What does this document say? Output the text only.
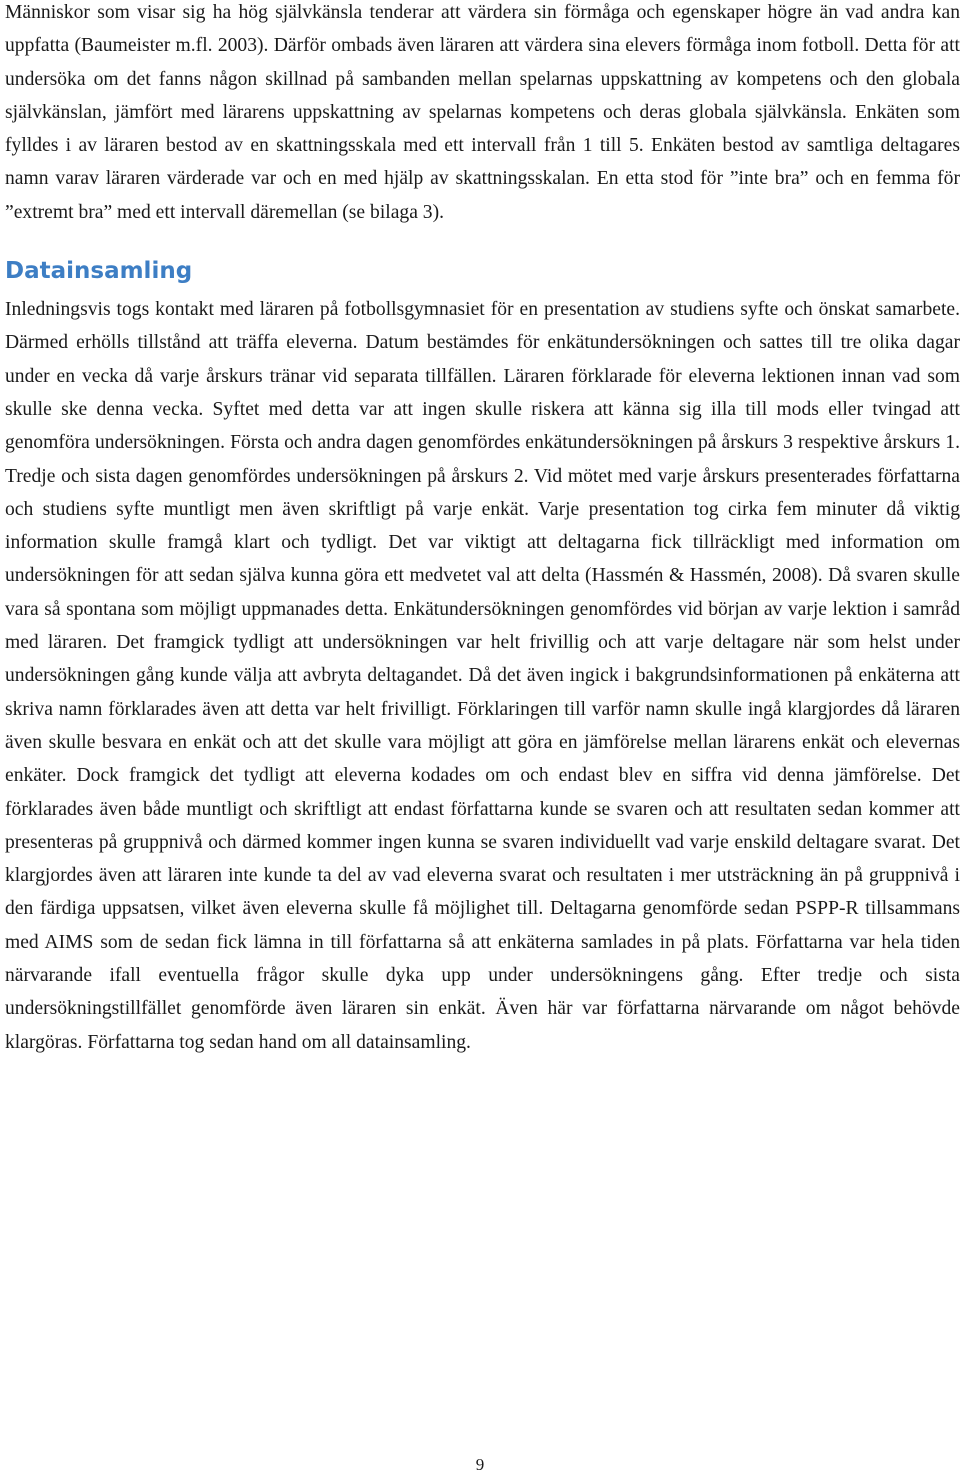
Människor som visar sig ha hög självkänsla tenderar att värdera sin förmåga och egenskaper högre än vad andra kan uppfatta (Baumeister m.fl. 2003). Därför ombads även läraren att värdera sina elevers förmåga inom fotboll. Detta för att undersöka om det fanns någon skillnad på sambanden mellan spelarnas uppskattning av kompetens och den globala självkänslan, jämfört med lärarens uppskattning av spelarnas kompetens och deras globala självkänsla. Enkäten som fylldes i av läraren bestod av en skattningsskala med ett intervall från 1 till 5. Enkäten bestod av samtliga deltagares namn varav läraren värderade var och en med hjälp av skattningsskalan. En etta stod för ”inte bra” och en femma för ”extremt bra” med ett intervall däremellan (se bilaga 3).

Datainsamling

Inledningsvis togs kontakt med läraren på fotbollsgymnasiet för en presentation av studiens syfte och önskat samarbete. Därmed erhölls tillstånd att träffa eleverna. Datum bestämdes för enkätundersökningen och sattes till tre olika dagar under en vecka då varje årskurs tränar vid separata tillfällen. Läraren förklarade för eleverna lektionen innan vad som skulle ske denna vecka. Syftet med detta var att ingen skulle riskera att känna sig illa till mods eller tvingad att genomföra undersökningen. Första och andra dagen genomfördes enkätundersökningen på årskurs 3 respektive årskurs 1. Tredje och sista dagen genomfördes undersökningen på årskurs 2. Vid mötet med varje årskurs presenterades författarna och studiens syfte muntligt men även skriftligt på varje enkät. Varje presentation tog cirka fem minuter då viktig information skulle framgå klart och tydligt. Det var viktigt att deltagarna fick tillräckligt med information om undersökningen för att sedan själva kunna göra ett medvetet val att delta (Hassmén & Hassmén, 2008). Då svaren skulle vara så spontana som möjligt uppmanades detta. Enkätundersökningen genomfördes vid början av varje lektion i samråd med läraren. Det framgick tydligt att undersökningen var helt frivillig och att varje deltagare när som helst under undersökningen gång kunde välja att avbryta deltagandet. Då det även ingick i bakgrundsinformationen på enkäterna att skriva namn förklarades även att detta var helt frivilligt. Förklaringen till varför namn skulle ingå klargjordes då läraren även skulle besvara en enkät och att det skulle vara möjligt att göra en jämförelse mellan lärarens enkät och elevernas enkäter. Dock framgick det tydligt att eleverna kodades om och endast blev en siffra vid denna jämförelse. Det förklarades även både muntligt och skriftligt att endast författarna kunde se svaren och att resultaten sedan kommer att presenteras på gruppnivå och därmed kommer ingen kunna se svaren individuellt vad varje enskild deltagare svarat. Det klargjordes även att läraren inte kunde ta del av vad eleverna svarat och resultaten i mer utsträckning än på gruppnivå i den färdiga uppsatsen, vilket även eleverna skulle få möjlighet till. Deltagarna genomförde sedan PSPP-R tillsammans med AIMS som de sedan fick lämna in till författarna så att enkäterna samlades in på plats. Författarna var hela tiden närvarande ifall eventuella frågor skulle dyka upp under undersökningens gång. Efter tredje och sista undersökningstillfället genomförde även läraren sin enkät. Även här var författarna närvarande om något behövde klargöras. Författarna tog sedan hand om all datainsamling.

9
